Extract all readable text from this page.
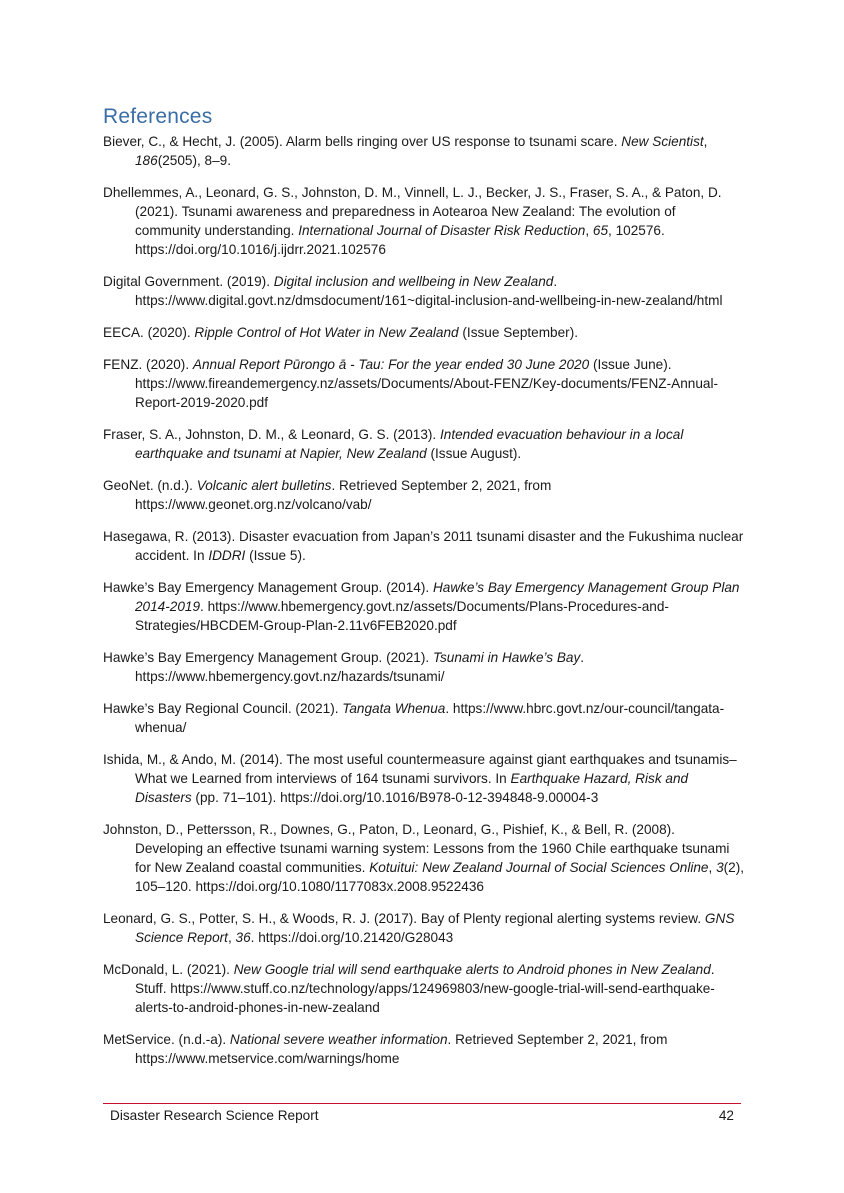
References
Biever, C., & Hecht, J. (2005). Alarm bells ringing over US response to tsunami scare. New Scientist, 186(2505), 8–9.
Dhellemmes, A., Leonard, G. S., Johnston, D. M., Vinnell, L. J., Becker, J. S., Fraser, S. A., & Paton, D. (2021). Tsunami awareness and preparedness in Aotearoa New Zealand: The evolution of community understanding. International Journal of Disaster Risk Reduction, 65, 102576. https://doi.org/10.1016/j.ijdrr.2021.102576
Digital Government. (2019). Digital inclusion and wellbeing in New Zealand. https://www.digital.govt.nz/dmsdocument/161~digital-inclusion-and-wellbeing-in-new-zealand/html
EECA. (2020). Ripple Control of Hot Water in New Zealand (Issue September).
FENZ. (2020). Annual Report Pūrongo ā - Tau: For the year ended 30 June 2020 (Issue June). https://www.fireandemergency.nz/assets/Documents/About-FENZ/Key-documents/FENZ-Annual-Report-2019-2020.pdf
Fraser, S. A., Johnston, D. M., & Leonard, G. S. (2013). Intended evacuation behaviour in a local earthquake and tsunami at Napier, New Zealand (Issue August).
GeoNet. (n.d.). Volcanic alert bulletins. Retrieved September 2, 2021, from https://www.geonet.org.nz/volcano/vab/
Hasegawa, R. (2013). Disaster evacuation from Japan’s 2011 tsunami disaster and the Fukushima nuclear accident. In IDDRI (Issue 5).
Hawke’s Bay Emergency Management Group. (2014). Hawke’s Bay Emergency Management Group Plan 2014-2019. https://www.hbemergency.govt.nz/assets/Documents/Plans-Procedures-and-Strategies/HBCDEM-Group-Plan-2.11v6FEB2020.pdf
Hawke’s Bay Emergency Management Group. (2021). Tsunami in Hawke’s Bay. https://www.hbemergency.govt.nz/hazards/tsunami/
Hawke’s Bay Regional Council. (2021). Tangata Whenua. https://www.hbrc.govt.nz/our-council/tangata-whenua/
Ishida, M., & Ando, M. (2014). The most useful countermeasure against giant earthquakes and tsunamis– What we Learned from interviews of 164 tsunami survivors. In Earthquake Hazard, Risk and Disasters (pp. 71–101). https://doi.org/10.1016/B978-0-12-394848-9.00004-3
Johnston, D., Pettersson, R., Downes, G., Paton, D., Leonard, G., Pishief, K., & Bell, R. (2008). Developing an effective tsunami warning system: Lessons from the 1960 Chile earthquake tsunami for New Zealand coastal communities. Kotuitui: New Zealand Journal of Social Sciences Online, 3(2), 105–120. https://doi.org/10.1080/1177083x.2008.9522436
Leonard, G. S., Potter, S. H., & Woods, R. J. (2017). Bay of Plenty regional alerting systems review. GNS Science Report, 36. https://doi.org/10.21420/G28043
McDonald, L. (2021). New Google trial will send earthquake alerts to Android phones in New Zealand. Stuff. https://www.stuff.co.nz/technology/apps/124969803/new-google-trial-will-send-earthquake-alerts-to-android-phones-in-new-zealand
MetService. (n.d.-a). National severe weather information. Retrieved September 2, 2021, from https://www.metservice.com/warnings/home
Disaster Research Science Report	42
